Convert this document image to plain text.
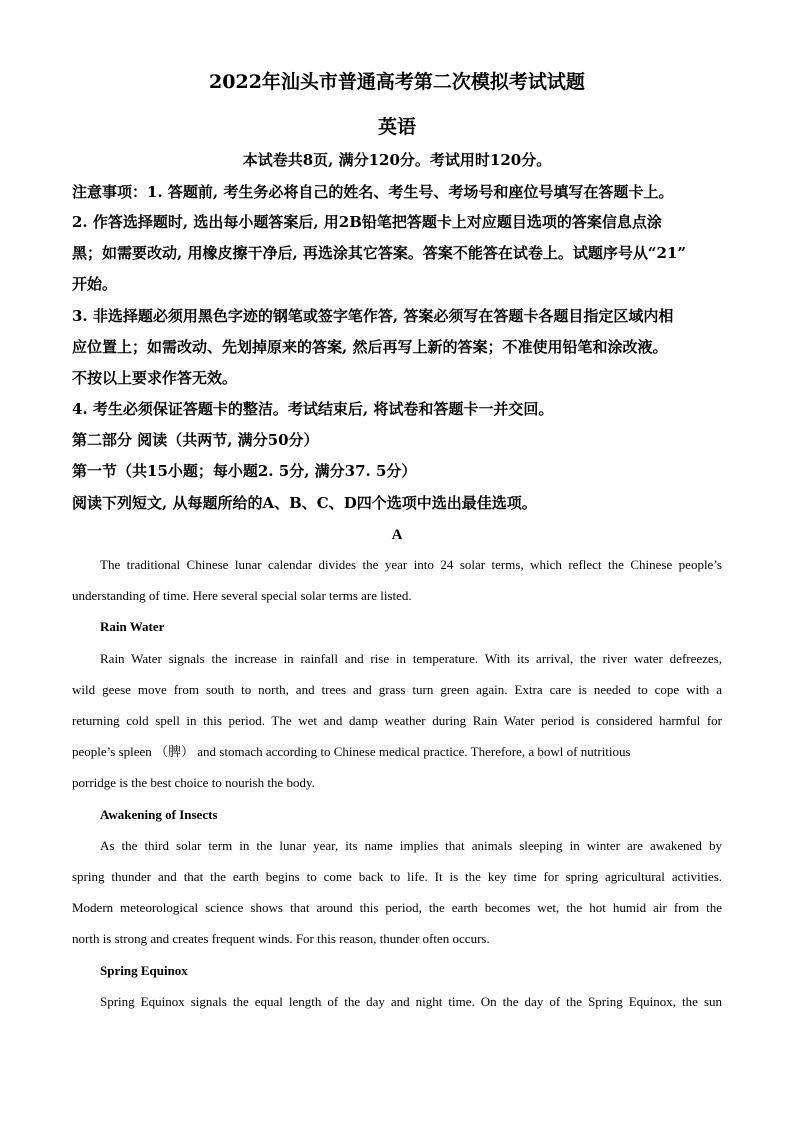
2022年汕头市普通高考第二次模拟考试试题
英语
本试卷共8页, 满分120分。考试用时120分。
注意事项：1. 答题前, 考生务必将自己的姓名、考生号、考场号和座位号填写在答题卡上。
2. 作答选择题时, 选出每小题答案后, 用2B铅笔把答题卡上对应题目选项的答案信息点涂
黑；如需要改动, 用橡皮擦干净后, 再选涂其它答案。答案不能答在试卷上。试题序号从“21”
开始。
3. 非选择题必须用黑色字迹的钢笔或签字笔作答, 答案必须写在答题卡各题目指定区域内相
应位置上；如需改动、先划掉原来的答案, 然后再写上新的答案；不准使用铅笔和涂改液。
不按以上要求作答无效。
4. 考生必须保证答题卡的整洁。考试结束后, 将试卷和答题卡一并交回。
第二部分 阅读（共两节, 满分50分）
第一节（共15小题；每小题2. 5分, 满分37. 5分）
阅读下列短文, 从每题所给的A、B、C、D四个选项中选出最佳选项。
A
The traditional Chinese lunar calendar divides the year into 24 solar terms, which reflect the Chinese people’s
understanding of time. Here several special solar terms are listed.
Rain Water
Rain Water signals the increase in rainfall and rise in temperature. With its arrival, the river water defreezes,
wild geese move from south to north, and trees and grass turn green again. Extra care is needed to cope with a
returning cold spell in this period. The wet and damp weather during Rain Water period is considered harmful for
people’s spleen （脾） and stomach according to Chinese medical practice. Therefore, a bowl of nutritious
porridge is the best choice to nourish the body.
Awakening of Insects
As the third solar term in the lunar year, its name implies that animals sleeping in winter are awakened by
spring thunder and that the earth begins to come back to life. It is the key time for spring agricultural activities.
Modern meteorological science shows that around this period, the earth becomes wet, the hot humid air from the
north is strong and creates frequent winds. For this reason, thunder often occurs.
Spring Equinox
Spring Equinox signals the equal length of the day and night time. On the day of the Spring Equinox, the sun
